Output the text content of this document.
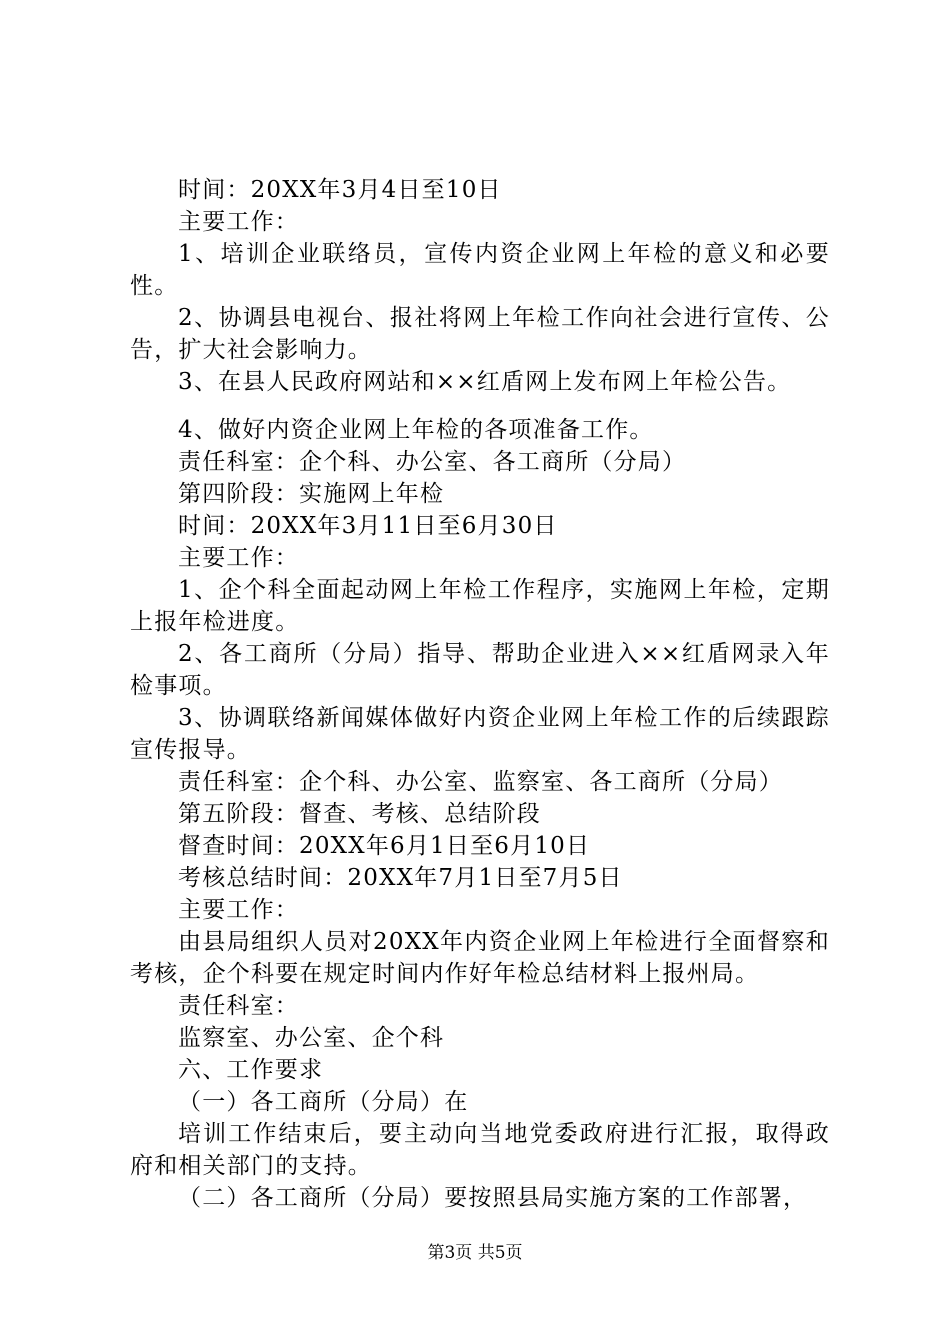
时间：20XX年3月4日至10日

主要工作：

1、培训企业联络员，宣传内资企业网上年检的意义和必要性。

2、协调县电视台、报社将网上年检工作向社会进行宣传、公告，扩大社会影响力。

3、在县人民政府网站和××红盾网上发布网上年检公告。

4、做好内资企业网上年检的各项准备工作。

责任科室：企个科、办公室、各工商所（分局）

第四阶段：实施网上年检

时间：20XX年3月11日至6月30日

主要工作：

1、企个科全面起动网上年检工作程序，实施网上年检，定期上报年检进度。

2、各工商所（分局）指导、帮助企业进入××红盾网录入年检事项。

3、协调联络新闻媒体做好内资企业网上年检工作的后续跟踪宣传报导。

责任科室：企个科、办公室、监察室、各工商所（分局）

第五阶段：督查、考核、总结阶段

督查时间：20XX年6月1日至6月10日

考核总结时间：20XX年7月1日至7月5日

主要工作：

由县局组织人员对20XX年内资企业网上年检进行全面督察和考核，企个科要在规定时间内作好年检总结材料上报州局。

责任科室：

监察室、办公室、企个科

六、工作要求

（一）各工商所（分局）在

培训工作结束后，要主动向当地党委政府进行汇报，取得政府和相关部门的支持。

（二）各工商所（分局）要按照县局实施方案的工作部署，

第3页 共5页
